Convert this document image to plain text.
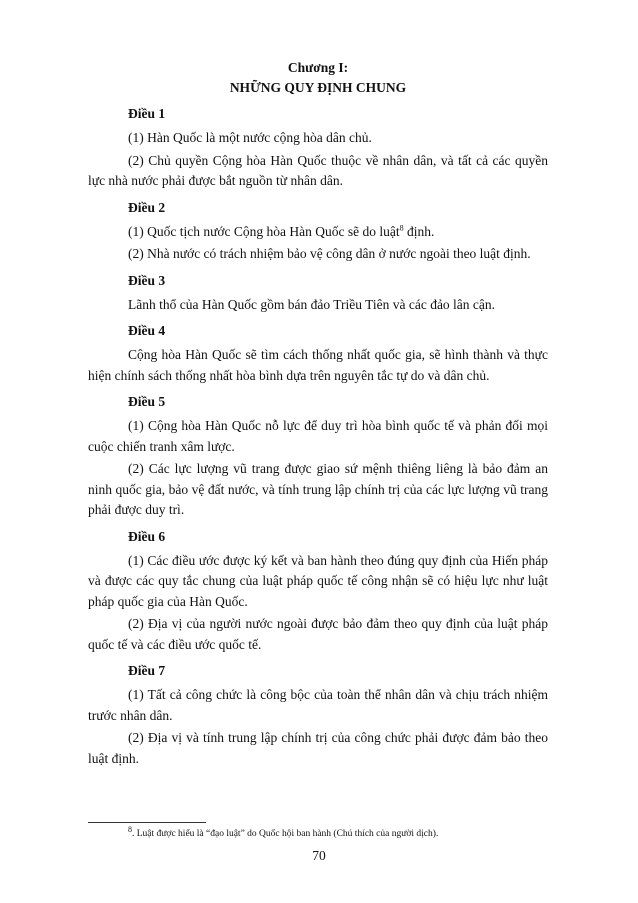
Chương I:
NHỮNG QUY ĐỊNH CHUNG
Điều 1

(1) Hàn Quốc là một nước cộng hòa dân chủ.

(2) Chủ quyền Cộng hòa Hàn Quốc thuộc về nhân dân, và tất cả các quyền lực nhà nước phải được bắt nguồn từ nhân dân.

Điều 2

(1) Quốc tịch nước Cộng hòa Hàn Quốc sẽ do luật$^8$ định.

(2) Nhà nước có trách nhiệm bảo vệ công dân ở nước ngoài theo luật định.

Điều 3

Lãnh thổ của Hàn Quốc gồm bán đảo Triều Tiên và các đảo lân cận.

Điều 4

Cộng hòa Hàn Quốc sẽ tìm cách thống nhất quốc gia, sẽ hình thành và thực hiện chính sách thống nhất hòa bình dựa trên nguyên tắc tự do và dân chủ.

Điều 5

(1) Cộng hòa Hàn Quốc nỗ lực để duy trì hòa bình quốc tế và phản đối mọi cuộc chiến tranh xâm lược.

(2) Các lực lượng vũ trang được giao sứ mệnh thiêng liêng là bảo đảm an ninh quốc gia, bảo vệ đất nước, và tính trung lập chính trị của các lực lượng vũ trang phải được duy trì.

Điều 6

(1) Các điều ước được ký kết và ban hành theo đúng quy định của Hiến pháp và được các quy tắc chung của luật pháp quốc tế công nhận sẽ có hiệu lực như luật pháp quốc gia của Hàn Quốc.

(2) Địa vị của người nước ngoài được bảo đảm theo quy định của luật pháp quốc tế và các điều ước quốc tế.

Điều 7

(1) Tất cả công chức là công bộc của toàn thể nhân dân và chịu trách nhiệm trước nhân dân.

(2) Địa vị và tính trung lập chính trị của công chức phải được đảm bảo theo luật định.

$^8$. Luật được hiểu là “đạo luật” do Quốc hội ban hành (Chú thích của người dịch).
70
